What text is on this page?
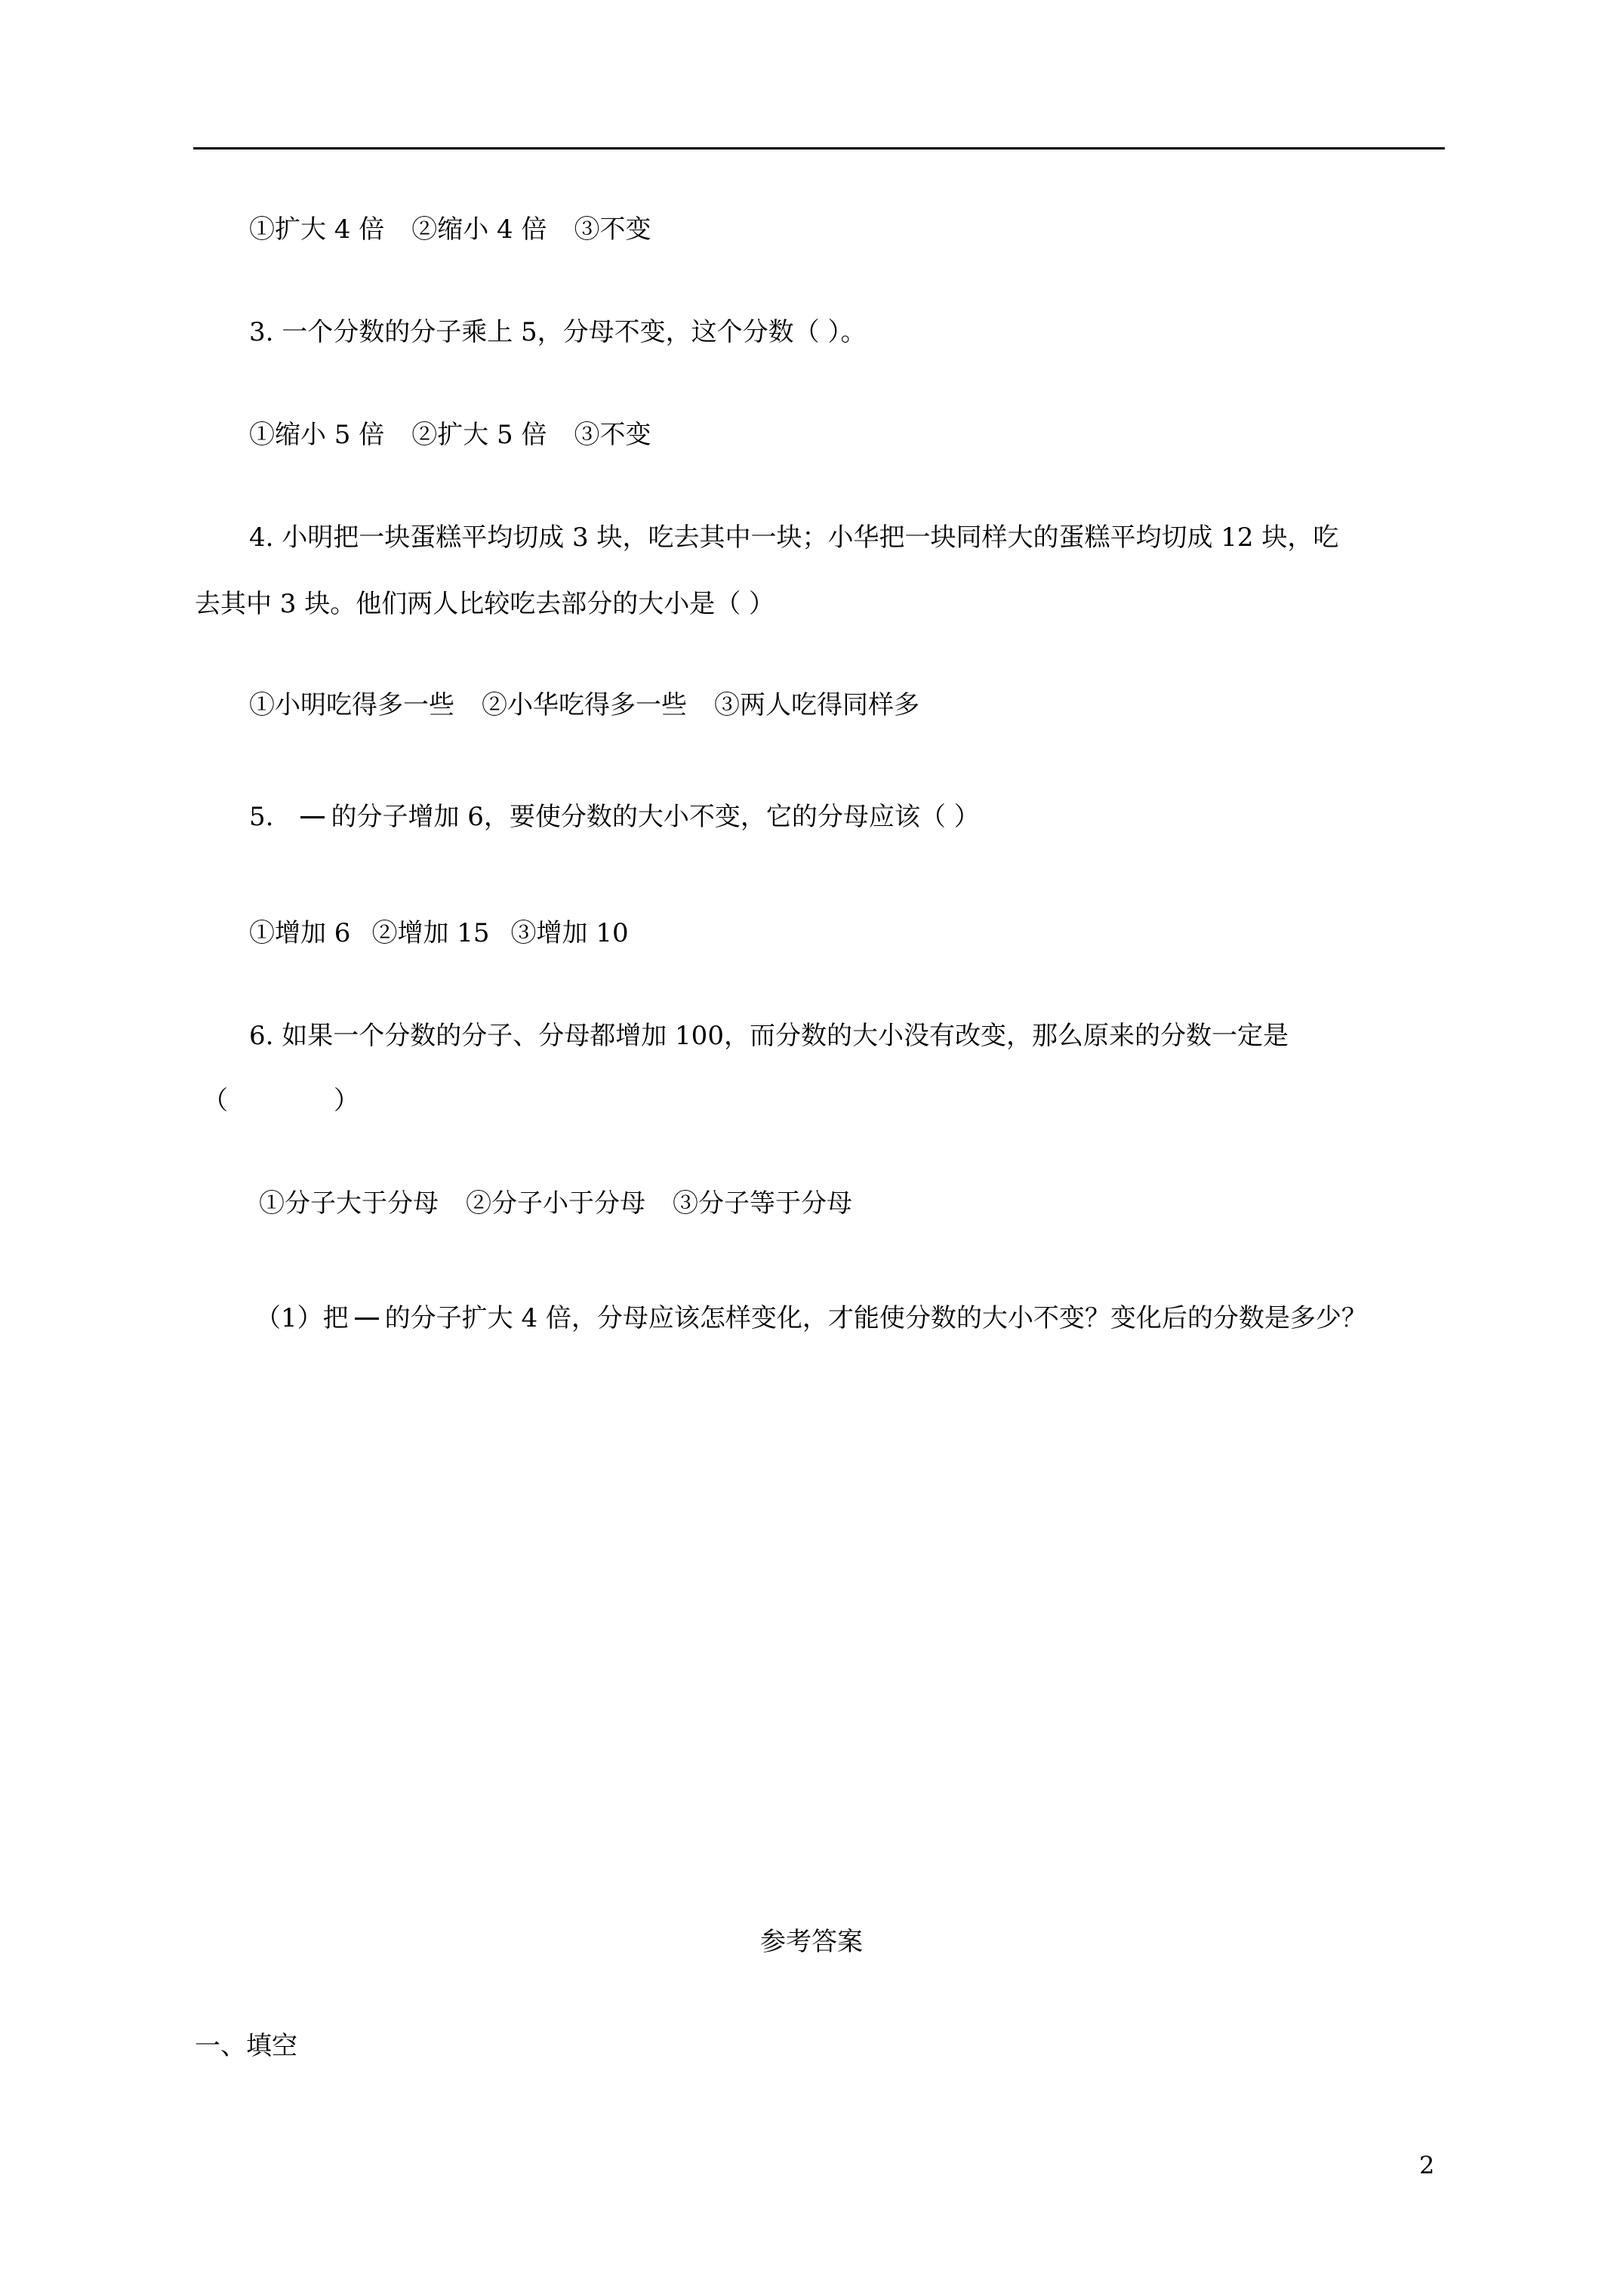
①扩大 4 倍 ②缩小 4 倍 ③不变
3. 一个分数的分子乘上 5，分母不变，这个分数（ ）。
①缩小 5 倍 ②扩大 5 倍 ③不变
4. 小明把一块蛋糕平均切成 3 块，吃去其中一块；小华把一块同样大的蛋糕平均切成 12 块，吃
去其中 3 块。他们两人比较吃去部分的大小是（ ）
①小明吃得多一些 ②小华吃得多一些 ③两人吃得同样多
5. 的分子增加 6，要使分数的大小不变，它的分母应该（ ）
①增加 6 ②增加 15 ③增加 10
6. 如果一个分数的分子、分母都增加 100，而分数的大小没有改变，那么原来的分数一定是
（	）
①分子大于分母 ②分子小于分母 ③分子等于分母
（1）把 的分子扩大 4 倍，分母应该怎样变化，才能使分数的大小不变？变化后的分数是多少？
参考答案
一、填空
2
